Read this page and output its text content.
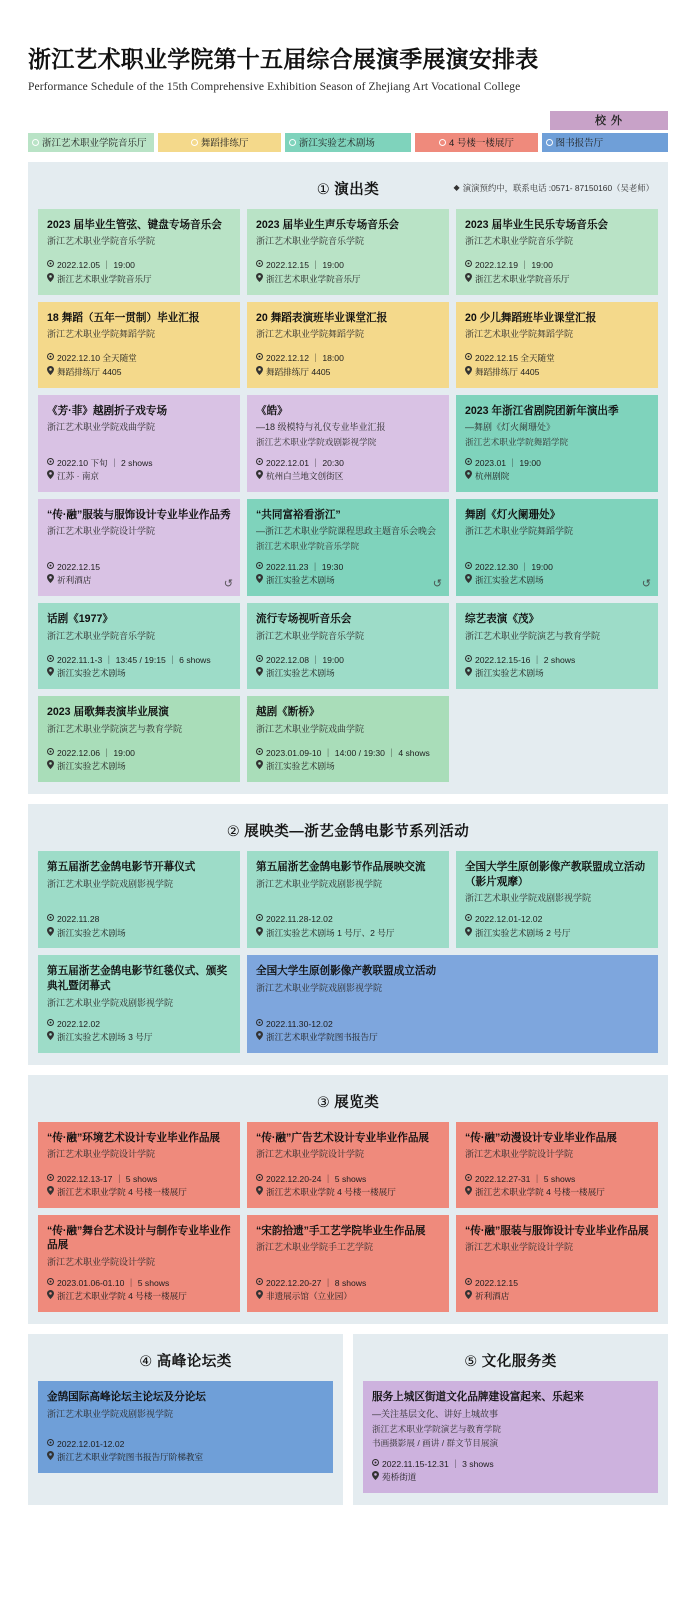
浙江艺术职业学院第十五届综合展演季展演安排表
Performance Schedule of the 15th Comprehensive Exhibition Season of Zhejiang Art Vocational College
校 外
浙江艺术职业学院音乐厅	舞蹈排练厅	浙江实验艺术剧场	4 号楼一楼展厅	图书报告厅
① 演出类	◆ 演演预约中，联系电话 :0571- 87150160（吴老师）
2023 届毕业生管弦、键盘专场音乐会
浙江艺术职业学院音乐学院
2022.12.05 ｜ 19:00
浙江艺术职业学院音乐厅
2023 届毕业生声乐专场音乐会
浙江艺术职业学院音乐学院
2022.12.15 ｜ 19:00
浙江艺术职业学院音乐厅
2023 届毕业生民乐专场音乐会
浙江艺术职业学院音乐学院
2022.12.19 ｜ 19:00
浙江艺术职业学院音乐厅
18 舞蹈（五年一贯制）毕业汇报
浙江艺术职业学院舞蹈学院
2022.12.10 全天随堂
舞蹈排练厅 4405
20 舞蹈表演班毕业课堂汇报
浙江艺术职业学院舞蹈学院
2022.12.12 ｜ 18:00
舞蹈排练厅 4405
20 少儿舞蹈班毕业课堂汇报
浙江艺术职业学院舞蹈学院
2022.12.15 全天随堂
舞蹈排练厅 4405
《芳·菲》越剧折子戏专场
浙江艺术职业学院戏曲学院
2022.10 下旬 ｜ 2 shows
江苏 · 南京
《皓》
—18 级模特与礼仪专业毕业汇报
浙江艺术职业学院戏剧影视学院
2022.12.01 ｜ 20:30
杭州白兰地文创街区
2023 年浙江省剧院团新年演出季
—舞剧《灯火阑珊处》
浙江艺术职业学院舞蹈学院
2023.01 ｜ 19:00
杭州剧院
“传·融”服装与服饰设计专业毕业作品秀
浙江艺术职业学院设计学院
2022.12.15
祈利酒店	↺
“共同富裕看浙江”
—浙江艺术职业学院课程思政主题音乐会晚会
浙江艺术职业学院音乐学院
2022.11.23 ｜ 19:30
浙江实验艺术剧场	↺
舞剧《灯火阑珊处》
浙江艺术职业学院舞蹈学院
2022.12.30 ｜ 19:00
浙江实验艺术剧场	↺
话剧《1977》
浙江艺术职业学院音乐学院
2022.11.1-3 ｜ 13:45 / 19:15 ｜ 6 shows
浙江实验艺术剧场
流行专场视听音乐会
浙江艺术职业学院音乐学院
2022.12.08 ｜ 19:00
浙江实验艺术剧场
综艺表演《茂》
浙江艺术职业学院演艺与教育学院
2022.12.15-16 ｜ 2 shows
浙江实验艺术剧场
2023 届歌舞表演毕业展演
浙江艺术职业学院演艺与教育学院
2022.12.06 ｜ 19:00
浙江实验艺术剧场
越剧《断桥》
浙江艺术职业学院戏曲学院
2023.01.09-10 ｜ 14:00 / 19:30 ｜ 4 shows
浙江实验艺术剧场
② 展映类—浙艺金鹄电影节系列活动
第五届浙艺金鹄电影节开幕仪式
浙江艺术职业学院戏剧影视学院
2022.11.28
浙江实验艺术剧场
第五届浙艺金鹄电影节作品展映交流
浙江艺术职业学院戏剧影视学院
2022.11.28-12.02
浙江实验艺术剧场 1 号厅、2 号厅
全国大学生原创影像产教联盟成立活动（影片观摩）
浙江艺术职业学院戏剧影视学院
2022.12.01-12.02
浙江实验艺术剧场 2 号厅
第五届浙艺金鹄电影节红毯仪式、颁奖典礼暨闭幕式
浙江艺术职业学院戏剧影视学院
2022.12.02
浙江实验艺术剧场 3 号厅
全国大学生原创影像产教联盟成立活动
浙江艺术职业学院戏剧影视学院
2022.11.30-12.02
浙江艺术职业学院图书报告厅
③ 展览类
“传·融”环境艺术设计专业毕业作品展
浙江艺术职业学院设计学院
2022.12.13-17 ｜ 5 shows
浙江艺术职业学院 4 号楼一楼展厅
“传·融”广告艺术设计专业毕业作品展
浙江艺术职业学院设计学院
2022.12.20-24 ｜ 5 shows
浙江艺术职业学院 4 号楼一楼展厅
“传·融”动漫设计专业毕业作品展
浙江艺术职业学院设计学院
2022.12.27-31 ｜ 5 shows
浙江艺术职业学院 4 号楼一楼展厅
“传·融”舞台艺术设计与制作专业毕业作品展
浙江艺术职业学院设计学院
2023.01.06-01.10 ｜ 5 shows
浙江艺术职业学院 4 号楼一楼展厅
“宋韵拾遗”手工艺学院毕业生作品展
浙江艺术职业学院手工艺学院
2022.12.20-27 ｜ 8 shows
非遗展示馆（立业园）
“传·融”服装与服饰设计专业毕业作品展
浙江艺术职业学院设计学院
2022.12.15
祈利酒店
④ 高峰论坛类
金鹄国际高峰论坛主论坛及分论坛
浙江艺术职业学院戏剧影视学院
2022.12.01-12.02
浙江艺术职业学院图书报告厅阶梯教室
⑤ 文化服务类
服务上城区街道文化品牌建设富起来、乐起来
—关注基层文化、讲好上城故事
浙江艺术职业学院演艺与教育学院
书画摄影展 / 画讲 / 群文节目展演
2022.11.15-12.31 ｜ 3 shows
苑桥街道
